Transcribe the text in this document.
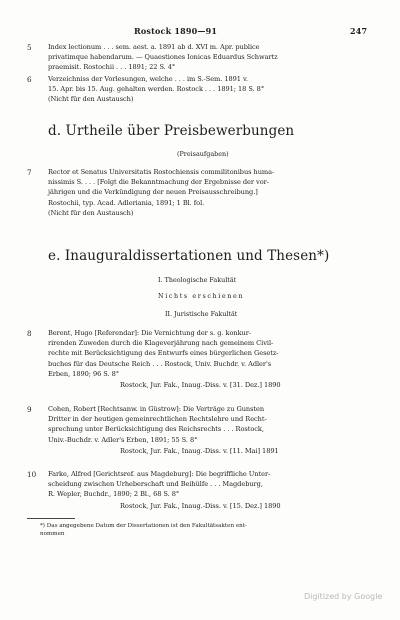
Rostock 1890—91	247
5 Index lectionum . . . sem. aest. a. 1891 ab d. XVI m. Apr. publice
privatimque habendarum. — Quaestiones Ionicas Eduardus Schwartz
praemisit. Rostochii . . . 1891; 22 S. 4°
6 Verzeichniss der Vorlesungen, welche . . . im S.-Sem. 1891 v.
15. Apr. bis 15. Aug. gehalten werden. Rostock . . . 1891; 18 S. 8°
(Nicht für den Austausch)
d. Urtheile über Preisbewerbungen
(Preisaufgaben)
7 Rector et Senatus Universitatis Rostochiensis commilitonibus huma-
nissimis S. . . . [Folgt die Bekanntmachung der Ergebnisse der vor-
jährigen und die Verkündigung der neuen Preisausschreibung.]
Rostochii, typ. Acad. Adleriania, 1891; 1 Bl. fol.
(Nicht für den Austausch)
e. Inauguraldissertationen und Thesen*)
I. Theologische Fakultät
Nichts erschienen
II. Juristische Fakultät
8 Berent, Hugo [Referendar]: Die Vernichtung der s. g. konkur-
rirenden Zuweden durch die Klageverjährung nach gemeinem Civil-
rechte mit Berücksichtigung des Entwurfs eines bürgerlichen Gesetz-
buches für das Deutsche Reich . . . Rostock, Univ. Buchdr. v. Adler's
Erben, 1890; 96 S. 8°
Rostock, Jur. Fak., Inaug.-Diss. v. [31. Dez.] 1890
9 Cohen, Robert [Rechtsanw. in Güstrow]: Die Verträge zu Gunsten
Dritter in der heutigen gemeinrechtlichen Rechtslehre und Recht-
sprechung unter Berücksichtigung des Reichsrechts . . . Rostock,
Univ.-Buchdr. v. Adler's Erben, 1891; 55 S. 8°
Rostock, Jur. Fak., Inaug.-Diss. v. [11. Mai] 1891
10 Farke, Alfred [Gerichtsref. aus Magdeburg]: Die begriffliche Unter-
scheidung zwischen Urheberschaft und Beihülfe . . . Magdeburg,
R. Wepler, Buchdr., 1890; 2 Bl., 68 S. 8°
Rostock, Jur. Fak., Inaug.-Diss. v. [15. Dez.] 1890
*) Das angegebene Datum der Dissertationen ist den Fakultätsakten ent-
nommen
Digitized by Google
